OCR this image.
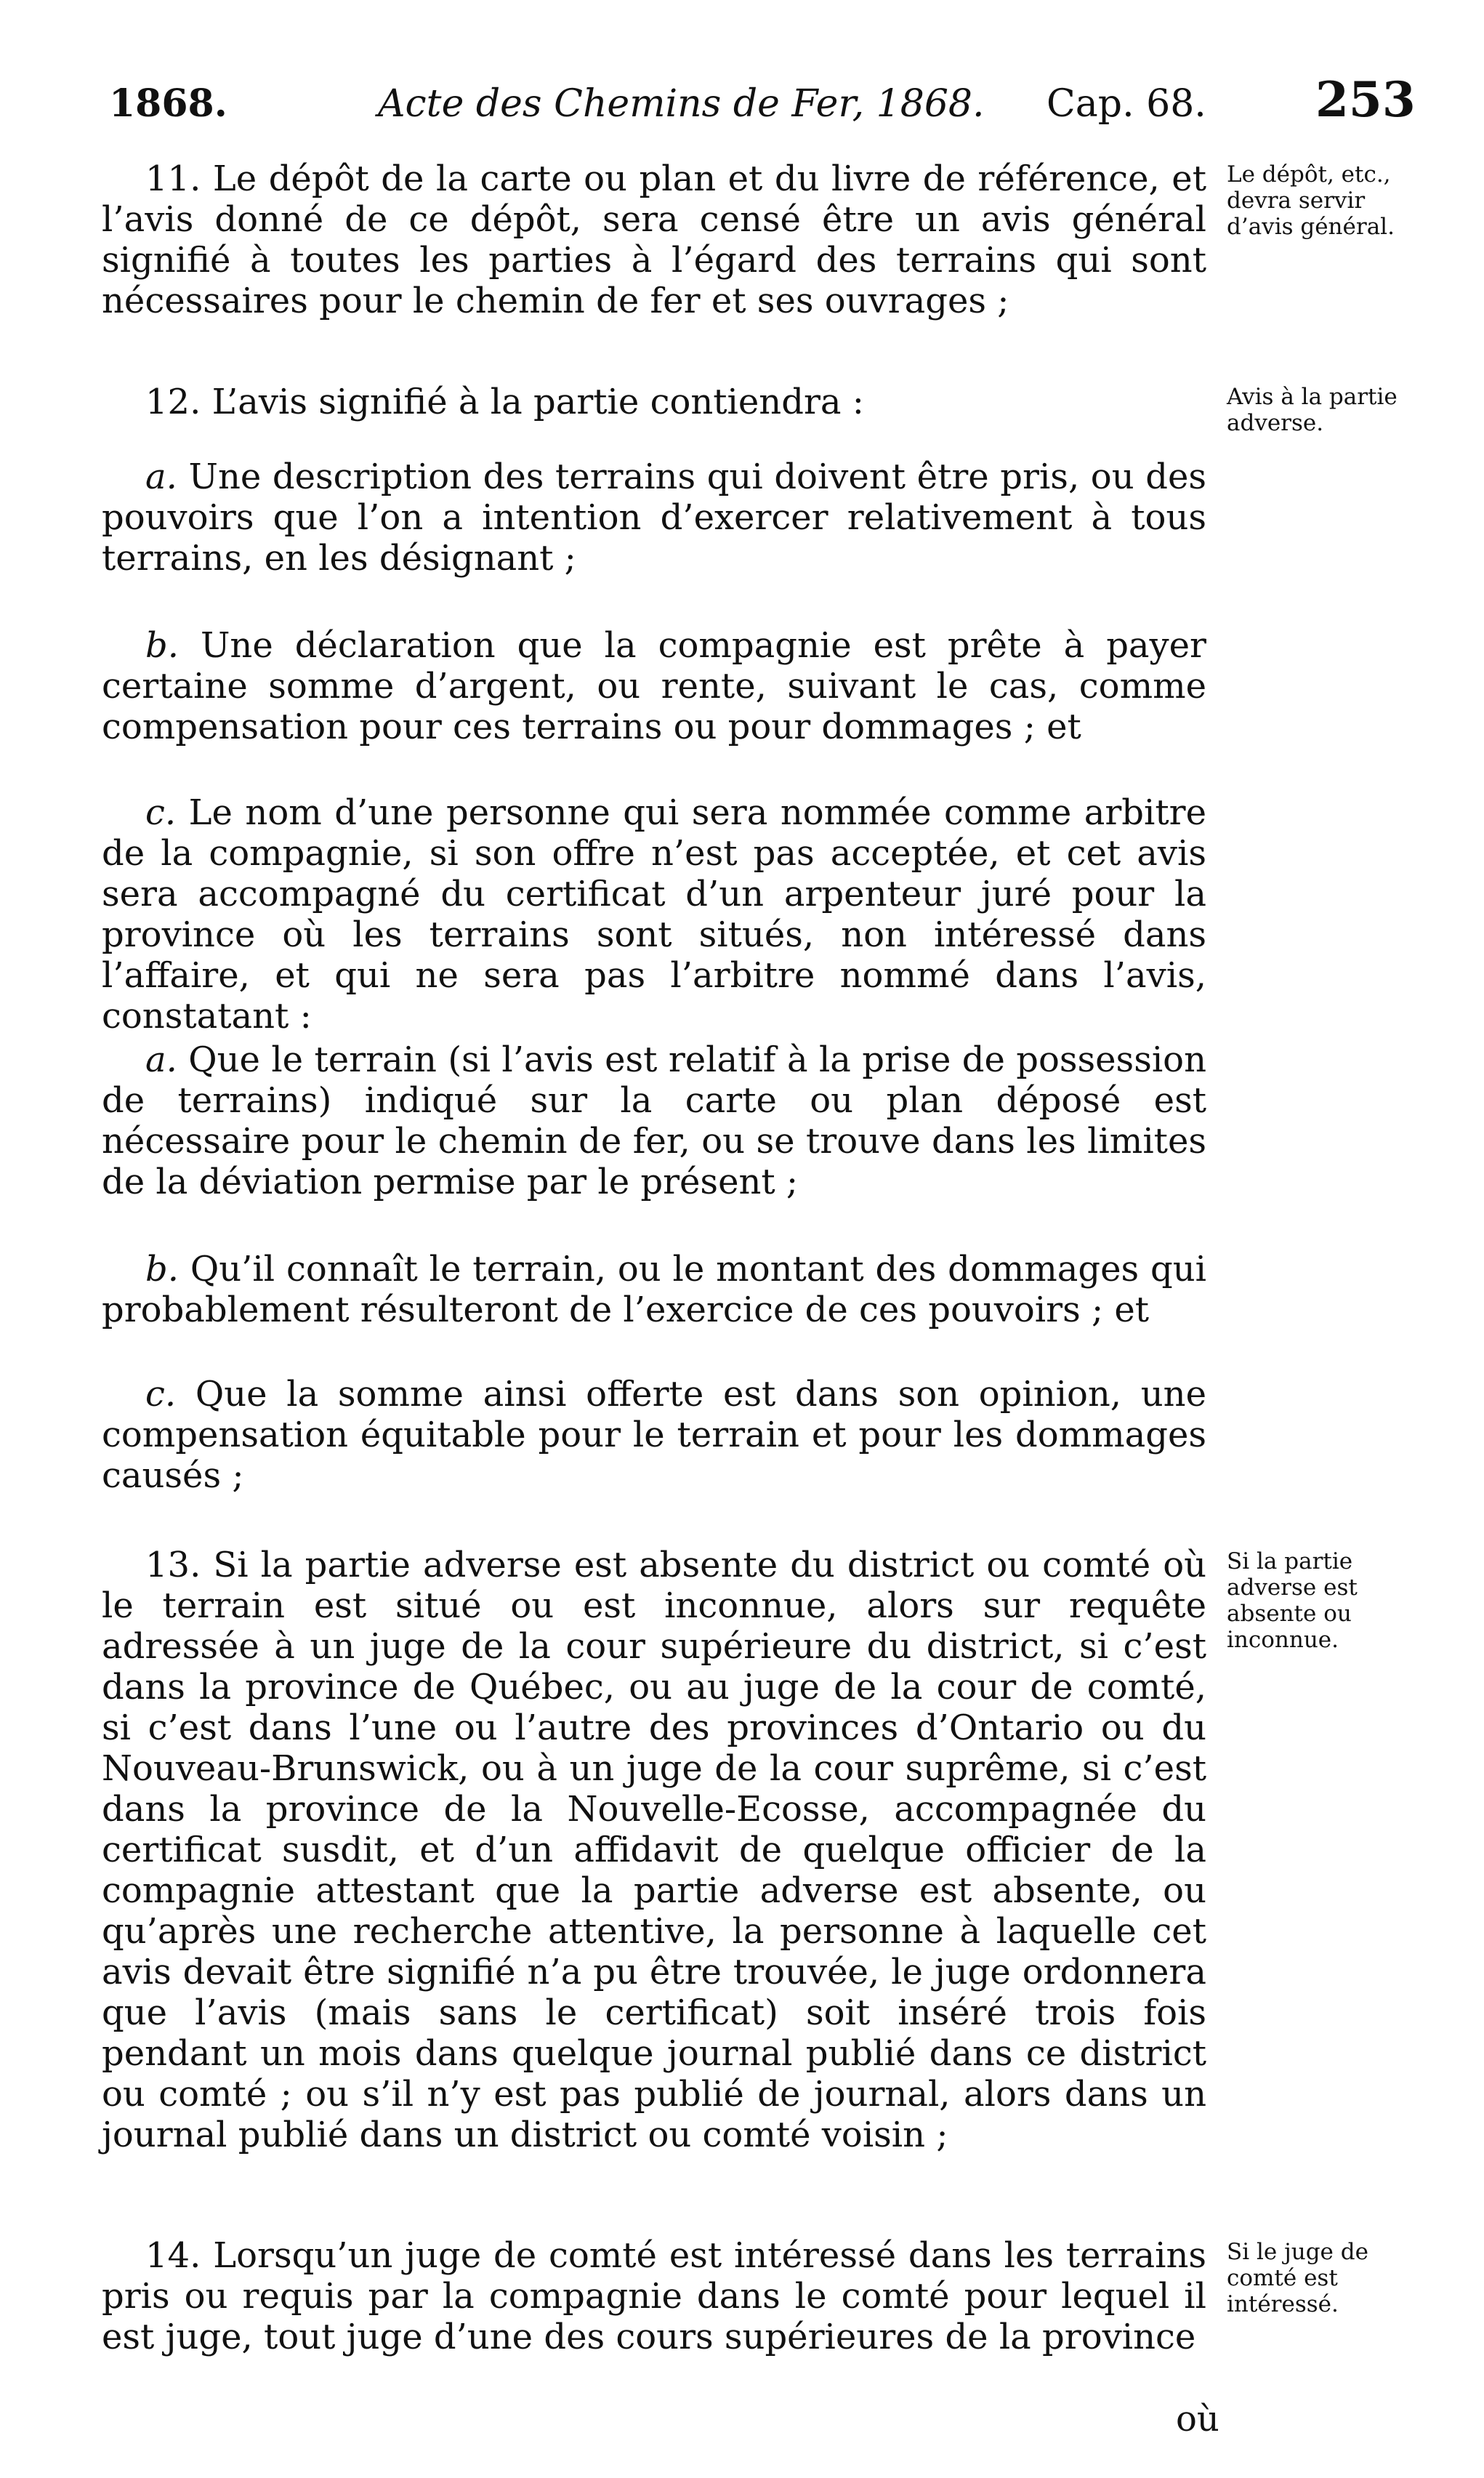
1868.	Acte des Chemins de Fer, 1868. Cap. 68. 253
11. Le dépôt de la carte ou plan et du livre de référence, et l’avis donné de ce dépôt, sera censé être un avis général signifié à toutes les parties à l’égard des terrains qui sont nécessaires pour le chemin de fer et ses ouvrages ;
12. L’avis signifié à la partie contiendra :
a. Une description des terrains qui doivent être pris, ou des pouvoirs que l’on a intention d’exercer relativement à tous terrains, en les désignant ;
b. Une déclaration que la compagnie est prête à payer certaine somme d’argent, ou rente, suivant le cas, comme compensation pour ces terrains ou pour dommages ; et
c. Le nom d’une personne qui sera nommée comme arbitre de la compagnie, si son offre n’est pas acceptée, et cet avis sera accompagné du certificat d’un arpenteur juré pour la province où les terrains sont situés, non intéressé dans l’affaire, et qui ne sera pas l’arbitre nommé dans l’avis, constatant :
a. Que le terrain (si l’avis est relatif à la prise de possession de terrains) indiqué sur la carte ou plan déposé est nécessaire pour le chemin de fer, ou se trouve dans les limites de la déviation permise par le présent ;
b. Qu’il connaît le terrain, ou le montant des dommages qui probablement résulteront de l’exercice de ces pouvoirs ; et
c. Que la somme ainsi offerte est dans son opinion, une compensation équitable pour le terrain et pour les dommages causés ;
13. Si la partie adverse est absente du district ou comté où le terrain est situé ou est inconnue, alors sur requête adressée à un juge de la cour supérieure du district, si c’est dans la province de Québec, ou au juge de la cour de comté, si c’est dans l’une ou l’autre des provinces d’Ontario ou du Nouveau-Brunswick, ou à un juge de la cour suprême, si c’est dans la province de la Nouvelle-Ecosse, accompagnée du certificat susdit, et d’un affidavit de quelque officier de la compagnie attestant que la partie adverse est absente, ou qu’après une recherche attentive, la personne à laquelle cet avis devait être signifié n’a pu être trouvée, le juge ordonnera que l’avis (mais sans le certificat) soit inséré trois fois pendant un mois dans quelque journal publié dans ce district ou comté ; ou s’il n’y est pas publié de journal, alors dans un journal publié dans un district ou comté voisin ;
14. Lorsqu’un juge de comté est intéressé dans les terrains pris ou requis par la compagnie dans le comté pour lequel il est juge, tout juge d’une des cours supérieures de la province
Le dépôt, etc., devra servir d’avis général.
Avis à la partie adverse.
Si la partie adverse est absente ou inconnue.
Si le juge de comté est intéressé.
où
